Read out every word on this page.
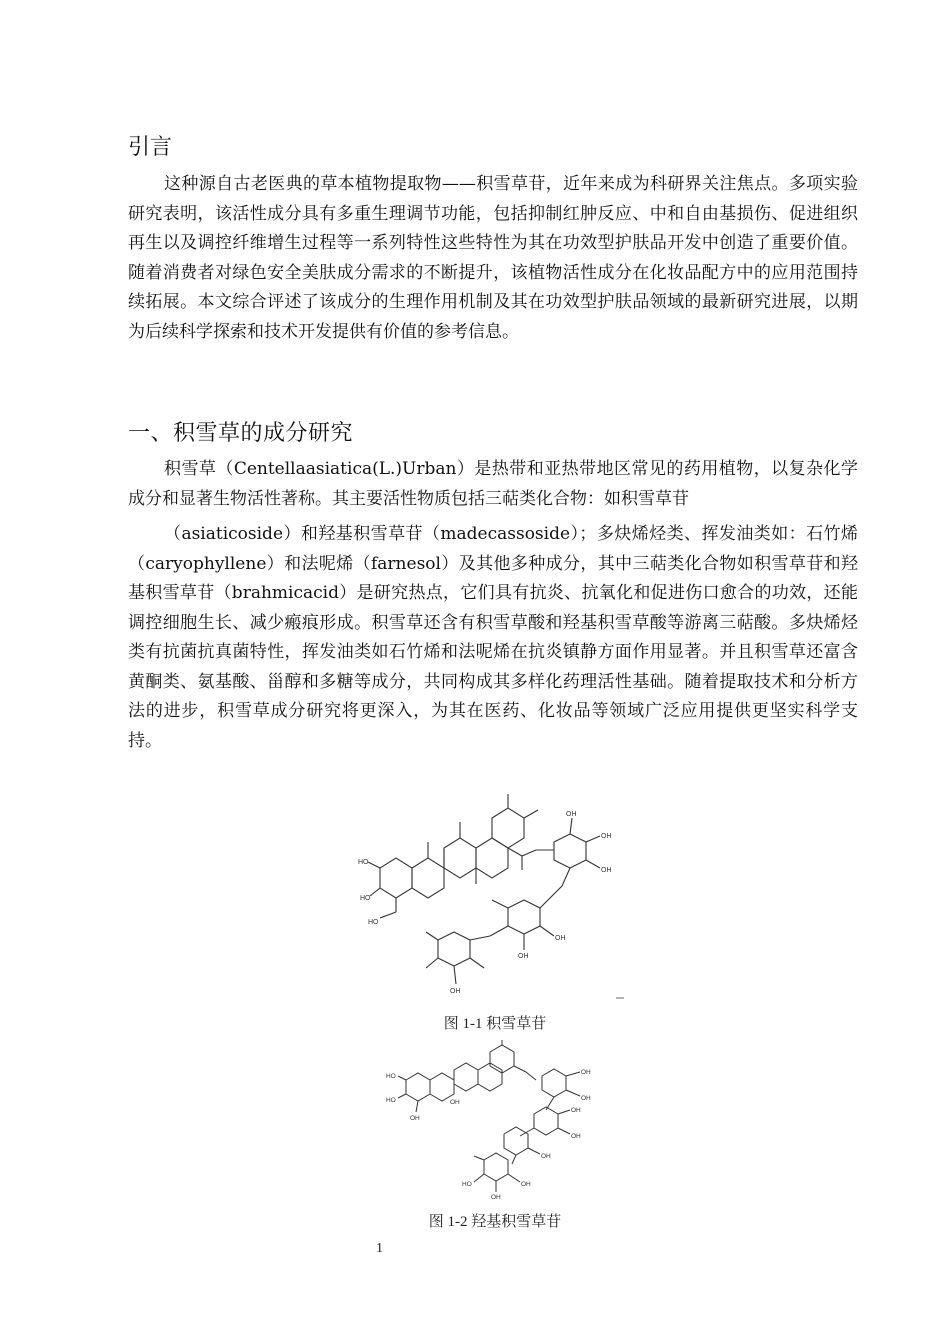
引言

这种源自古老医典的草本植物提取物——积雪草苷，近年来成为科研界关注焦点。多项实验研究表明，该活性成分具有多重生理调节功能，包括抑制红肿反应、中和自由基损伤、促进组织再生以及调控纤维增生过程等一系列特性这些特性为其在功效型护肤品开发中创造了重要价值。随着消费者对绿色安全美肤成分需求的不断提升，该植物活性成分在化妆品配方中的应用范围持续拓展。本文综合评述了该成分的生理作用机制及其在功效型护肤品领域的最新研究进展，以期为后续科学探索和技术开发提供有价值的参考信息。

一、积雪草的成分研究

积雪草（Centellaasiatica(L.)Urban）是热带和亚热带地区常见的药用植物，以复杂化学成分和显著生物活性著称。其主要活性物质包括三萜类化合物：如积雪草苷

（asiaticoside）和羟基积雪草苷（madecassoside）；多炔烯烃类、挥发油类如：石竹烯（caryophyllene）和法呢烯（farnesol）及其他多种成分，其中三萜类化合物如积雪草苷和羟基积雪草苷（brahmicacid）是研究热点，它们具有抗炎、抗氧化和促进伤口愈合的功效，还能调控细胞生长、减少瘢痕形成。积雪草还含有积雪草酸和羟基积雪草酸等游离三萜酸。多炔烯烃类有抗菌抗真菌特性，挥发油类如石竹烯和法呢烯在抗炎镇静方面作用显著。并且积雪草还富含黄酮类、氨基酸、甾醇和多糖等成分，共同构成其多样化药理活性基础。随着提取技术和分析方法的进步，积雪草成分研究将更深入，为其在医药、化妆品等领域广泛应用提供更坚实科学支持。

HO
HO
HO
OH
OH
OH
OH
OH
OH

图 1-1 积雪草苷

HO
HO
OH
OH
OH
OH
OH
OH
HO
OH
OH
OH

图 1-2 羟基积雪草苷

1
